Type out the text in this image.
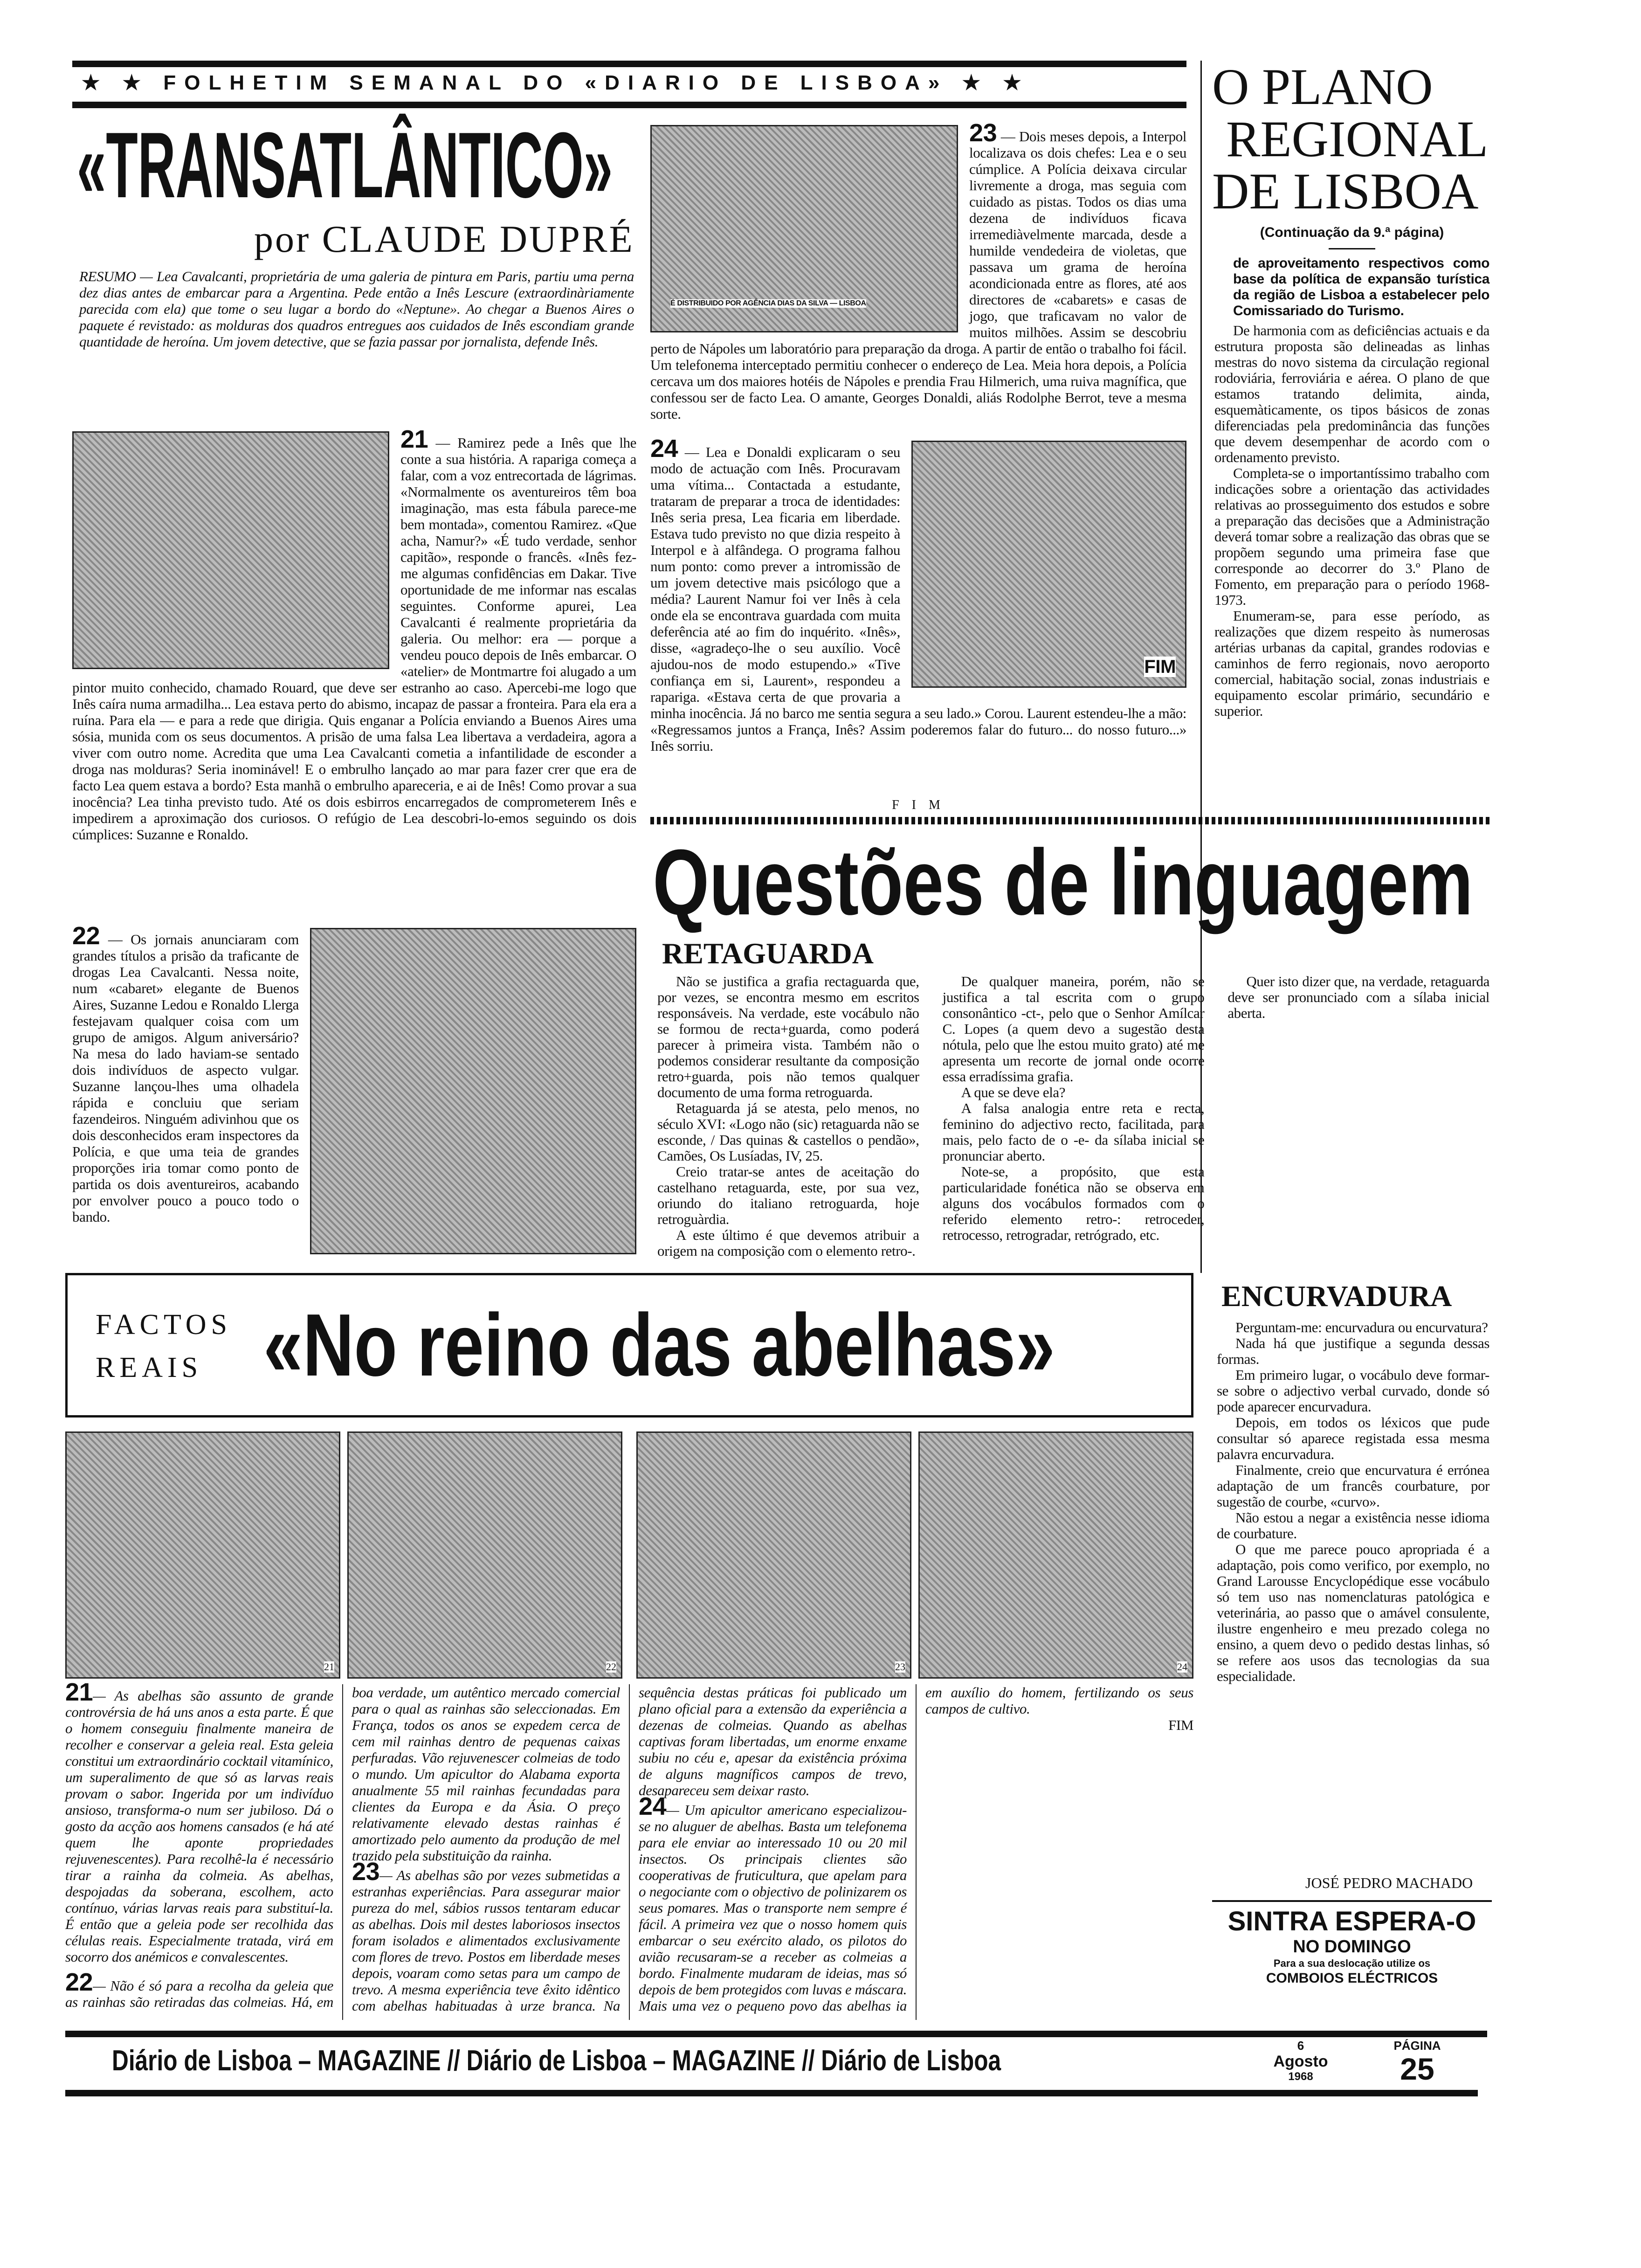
★ ★ FOLHETIM SEMANAL DO «DIARIO DE LISBOA» ★ ★
«TRANSATLÂNTICO»
por CLAUDE DUPRÉ
RESUMO — Lea Cavalcanti, proprietária de uma galeria de pintura em Paris, partiu uma perna dez dias antes de embarcar para a Argentina. Pede então a Inês Lescure (extraordinàriamente parecida com ela) que tome o seu lugar a bordo do «Neptune». Ao chegar a Buenos Aires o paquete é revistado: as molduras dos quadros entregues aos cuidados de Inês escondiam grande quantidade de heroína. Um jovem detective, que se fazia passar por jornalista, defende Inês.
É DISTRIBUIDO POR AGÊNCIA DIAS DA SILVA — LISBOA
23 — Dois meses depois, a Interpol localizava os dois chefes: Lea e o seu cúmplice. A Polícia deixava circular livremente a droga, mas seguia com cuidado as pistas. Todos os dias uma dezena de indivíduos ficava irremediàvelmente marcada, desde a humilde vendedeira de violetas, que passava um grama de heroína acondicionada entre as flores, até aos directores de «cabarets» e casas de jogo, que traficavam no valor de muitos milhões. Assim se descobriu perto de Nápoles um laboratório para preparação da droga. A partir de então o trabalho foi fácil. Um telefonema interceptado permitiu conhecer o endereço de Lea. Meia hora depois, a Polícia cercava um dos maiores hotéis de Nápoles e prendia Frau Hilmerich, uma ruiva magnífica, que confessou ser de facto Lea. O amante, Georges Donaldi, aliás Rodolphe Berrot, teve a mesma sorte.
21 — Ramirez pede a Inês que lhe conte a sua história. A rapariga começa a falar, com a voz entrecortada de lágrimas. «Normalmente os aventureiros têm boa imaginação, mas esta fábula parece-me bem montada», comentou Ramirez. «Que acha, Namur?» «É tudo verdade, senhor capitão», responde o francês. «Inês fez-me algumas confidências em Dakar. Tive oportunidade de me informar nas escalas seguintes. Conforme apurei, Lea Cavalcanti é realmente proprietária da galeria. Ou melhor: era — porque a vendeu pouco depois de Inês embarcar. O «atelier» de Montmartre foi alugado a um pintor muito conhecido, chamado Rouard, que deve ser estranho ao caso. Apercebi-me logo que Inês caíra numa armadilha... Lea estava perto do abismo, incapaz de passar a fronteira. Para ela era a ruína. Para ela — e para a rede que dirigia. Quis enganar a Polícia enviando a Buenos Aires uma sósia, munida com os seus documentos. A prisão de uma falsa Lea libertava a verdadeira, agora a viver com outro nome. Acredita que uma Lea Cavalcanti cometia a infantilidade de esconder a droga nas molduras? Seria inominável! E o embrulho lançado ao mar para fazer crer que era de facto Lea quem estava a bordo? Esta manhã o embrulho apareceria, e ai de Inês! Como provar a sua inocência? Lea tinha previsto tudo. Até os dois esbirros encarregados de comprometerem Inês e impedirem a aproximação dos curiosos. O refúgio de Lea descobri-lo-emos seguindo os dois cúmplices: Suzanne e Ronaldo.
FIM
24 — Lea e Donaldi explicaram o seu modo de actuação com Inês. Procuravam uma vítima... Contactada a estudante, trataram de preparar a troca de identidades: Inês seria presa, Lea ficaria em liberdade. Estava tudo previsto no que dizia respeito à Interpol e à alfândega. O programa falhou num ponto: como prever a intromissão de um jovem detective mais psicólogo que a média? Laurent Namur foi ver Inês à cela onde ela se encontrava guardada com muita deferência até ao fim do inquérito. «Inês», disse, «agradeço-lhe o seu auxílio. Você ajudou-nos de modo estupendo.» «Tive confiança em si, Laurent», respondeu a rapariga. «Estava certa de que provaria a minha inocência. Já no barco me sentia segura a seu lado.» Corou. Laurent estendeu-lhe a mão: «Regressamos juntos a França, Inês? Assim poderemos falar do futuro... do nosso futuro...» Inês sorriu.
F I M
22 — Os jornais anunciaram com grandes títulos a prisão da traficante de drogas Lea Cavalcanti. Nessa noite, num «cabaret» elegante de Buenos Aires, Suzanne Ledou e Ronaldo Llerga festejavam qualquer coisa com um grupo de amigos. Algum aniversário? Na mesa do lado haviam-se sentado dois indivíduos de aspecto vulgar. Suzanne lançou-lhes uma olhadela rápida e concluiu que seriam fazendeiros. Ninguém adivinhou que os dois desconhecidos eram inspectores da Polícia, e que uma teia de grandes proporções iria tomar como ponto de partida os dois aventureiros, acabando por envolver pouco a pouco todo o bando.
O PLANO
REGIONAL
DE LISBOA
(Continuação da 9.ª página)
de aproveitamento respectivos como base da política de expansão turística da região de Lisboa a estabelecer pelo Comissariado do Turismo.

De harmonia com as deficiências actuais e da estrutura proposta são delineadas as linhas mestras do novo sistema da circulação regional rodoviária, ferroviária e aérea. O plano de que estamos tratando delimita, ainda, esquemàticamente, os tipos básicos de zonas diferenciadas pela predominância das funções que devem desempenhar de acordo com o ordenamento previsto.

Completa-se o importantíssimo trabalho com indicações sobre a orientação das actividades relativas ao prosseguimento dos estudos e sobre a preparação das decisões que a Administração deverá tomar sobre a realização das obras que se propõem segundo uma primeira fase que corresponde ao decorrer do 3.º Plano de Fomento, em preparação para o período 1968-1973.

Enumeram-se, para esse período, as realizações que dizem respeito às numerosas artérias urbanas da capital, grandes rodovias e caminhos de ferro regionais, novo aeroporto comercial, habitação social, zonas industriais e equipamento escolar primário, secundário e superior.

Questões de linguagem
RETAGUARDA

Não se justifica a grafia rectaguarda que, por vezes, se encontra mesmo em escritos responsáveis. Na verdade, este vocábulo não se formou de recta+guarda, como poderá parecer à primeira vista. Também não o podemos considerar resultante da composição retro+guarda, pois não temos qualquer documento de uma forma retroguarda.

Retaguarda já se atesta, pelo menos, no século XVI: «Logo não (sic) retaguarda não se esconde, / Das quinas & castellos o pendão», Camões, Os Lusíadas, IV, 25.

Creio tratar-se antes de aceitação do castelhano retaguarda, este, por sua vez, oriundo do italiano retroguarda, hoje retroguàrdia.

A este último é que devemos atribuir a origem na composição com o elemento retro-.

De qualquer maneira, porém, não se justifica a tal escrita com o grupo consonântico -ct-, pelo que o Senhor Amílcar C. Lopes (a quem devo a sugestão desta nótula, pelo que lhe estou muito grato) até me apresenta um recorte de jornal onde ocorre essa erradíssima grafia.

A que se deve ela?

A falsa analogia entre reta e recta, feminino do adjectivo recto, facilitada, para mais, pelo facto de o -e- da sílaba inicial se pronunciar aberto.

Note-se, a propósito, que esta particularidade fonética não se observa em alguns dos vocábulos formados com o referido elemento retro-: retroceder, retrocesso, retrogradar, retrógrado, etc.

Quer isto dizer que, na verdade, retaguarda deve ser pronunciado com a sílaba inicial aberta.

ENCURVADURA

Perguntam-me: encurvadura ou encurvatura?

Nada há que justifique a segunda dessas formas.

Em primeiro lugar, o vocábulo deve formar-se sobre o adjectivo verbal curvado, donde só pode aparecer encurvadura.

Depois, em todos os léxicos que pude consultar só aparece registada essa mesma palavra encurvadura.

Finalmente, creio que encurvatura é errónea adaptação de um francês courbature, por sugestão de courbe, «curvo».

Não estou a negar a existência nesse idioma de courbature.

O que me parece pouco apropriada é a adaptação, pois como verifico, por exemplo, no Grand Larousse Encyclopédique esse vocábulo só tem uso nas nomenclaturas patológica e veterinária, ao passo que o amável consulente, ilustre engenheiro e meu prezado colega no ensino, a quem devo o pedido destas linhas, só se refere aos usos das tecnologias da sua especialidade.

JOSÉ PEDRO MACHADO
SINTRA ESPERA-O
NO DOMINGO
Para a sua deslocação utilize os
COMBOIOS ELÉCTRICOS
FACTOS
REAIS «No reino das abelhas»
21	22	23	24

21— As abelhas são assunto de grande controvérsia de há uns anos a esta parte. É que o homem conseguiu finalmente maneira de recolher e conservar a geleia real. Esta geleia constitui um extraordinário cocktail vitamínico, um superalimento de que só as larvas reais provam o sabor. Ingerida por um indivíduo ansioso, transforma-o num ser jubiloso. Dá o gosto da acção aos homens cansados (e há até quem lhe aponte propriedades rejuvenescentes). Para recolhê-la é necessário tirar a rainha da colmeia. As abelhas, despojadas da soberana, escolhem, acto contínuo, várias larvas reais para substituí-la. É então que a geleia pode ser recolhida das células reais. Especialmente tratada, virá em socorro dos anémicos e convalescentes.

22— Não é só para a recolha da geleia que as rainhas são retiradas das colmeias. Há, em boa verdade, um autêntico mercado comercial para o qual as rainhas são seleccionadas. Em França, todos os anos se expedem cerca de cem mil rainhas dentro de pequenas caixas perfuradas. Vão rejuvenescer colmeias de todo o mundo. Um apicultor do Alabama exporta anualmente 55 mil rainhas fecundadas para clientes da Europa e da Ásia. O preço relativamente elevado destas rainhas é amortizado pelo aumento da produção de mel trazido pela substituição da rainha.

23— As abelhas são por vezes submetidas a estranhas experiências. Para assegurar maior pureza do mel, sábios russos tentaram educar as abelhas. Dois mil destes laboriosos insectos foram isolados e alimentados exclusivamente com flores de trevo. Postos em liberdade meses depois, voaram como setas para um campo de trevo. A mesma experiência teve êxito idêntico com abelhas habituadas à urze branca. Na sequência destas práticas foi publicado um plano oficial para a extensão da experiência a dezenas de colmeias. Quando as abelhas captivas foram libertadas, um enorme enxame subiu no céu e, apesar da existência próxima de alguns magníficos campos de trevo, desapareceu sem deixar rasto.

24— Um apicultor americano especializou-se no aluguer de abelhas. Basta um telefonema para ele enviar ao interessado 10 ou 20 mil insectos. Os principais clientes são cooperativas de fruticultura, que apelam para o negociante com o objectivo de polinizarem os seus pomares. Mas o transporte nem sempre é fácil. A primeira vez que o nosso homem quis embarcar o seu exército alado, os pilotos do avião recusaram-se a receber as colmeias a bordo. Finalmente mudaram de ideias, mas só depois de bem protegidos com luvas e máscara. Mais uma vez o pequeno povo das abelhas ia em auxílio do homem, fertilizando os seus campos de cultivo.

FIM

Diário de Lisboa – MAGAZINE // Diário de Lisboa – MAGAZINE // Diário de Lisboa	6
Agosto
1968
PÁGINA
25
